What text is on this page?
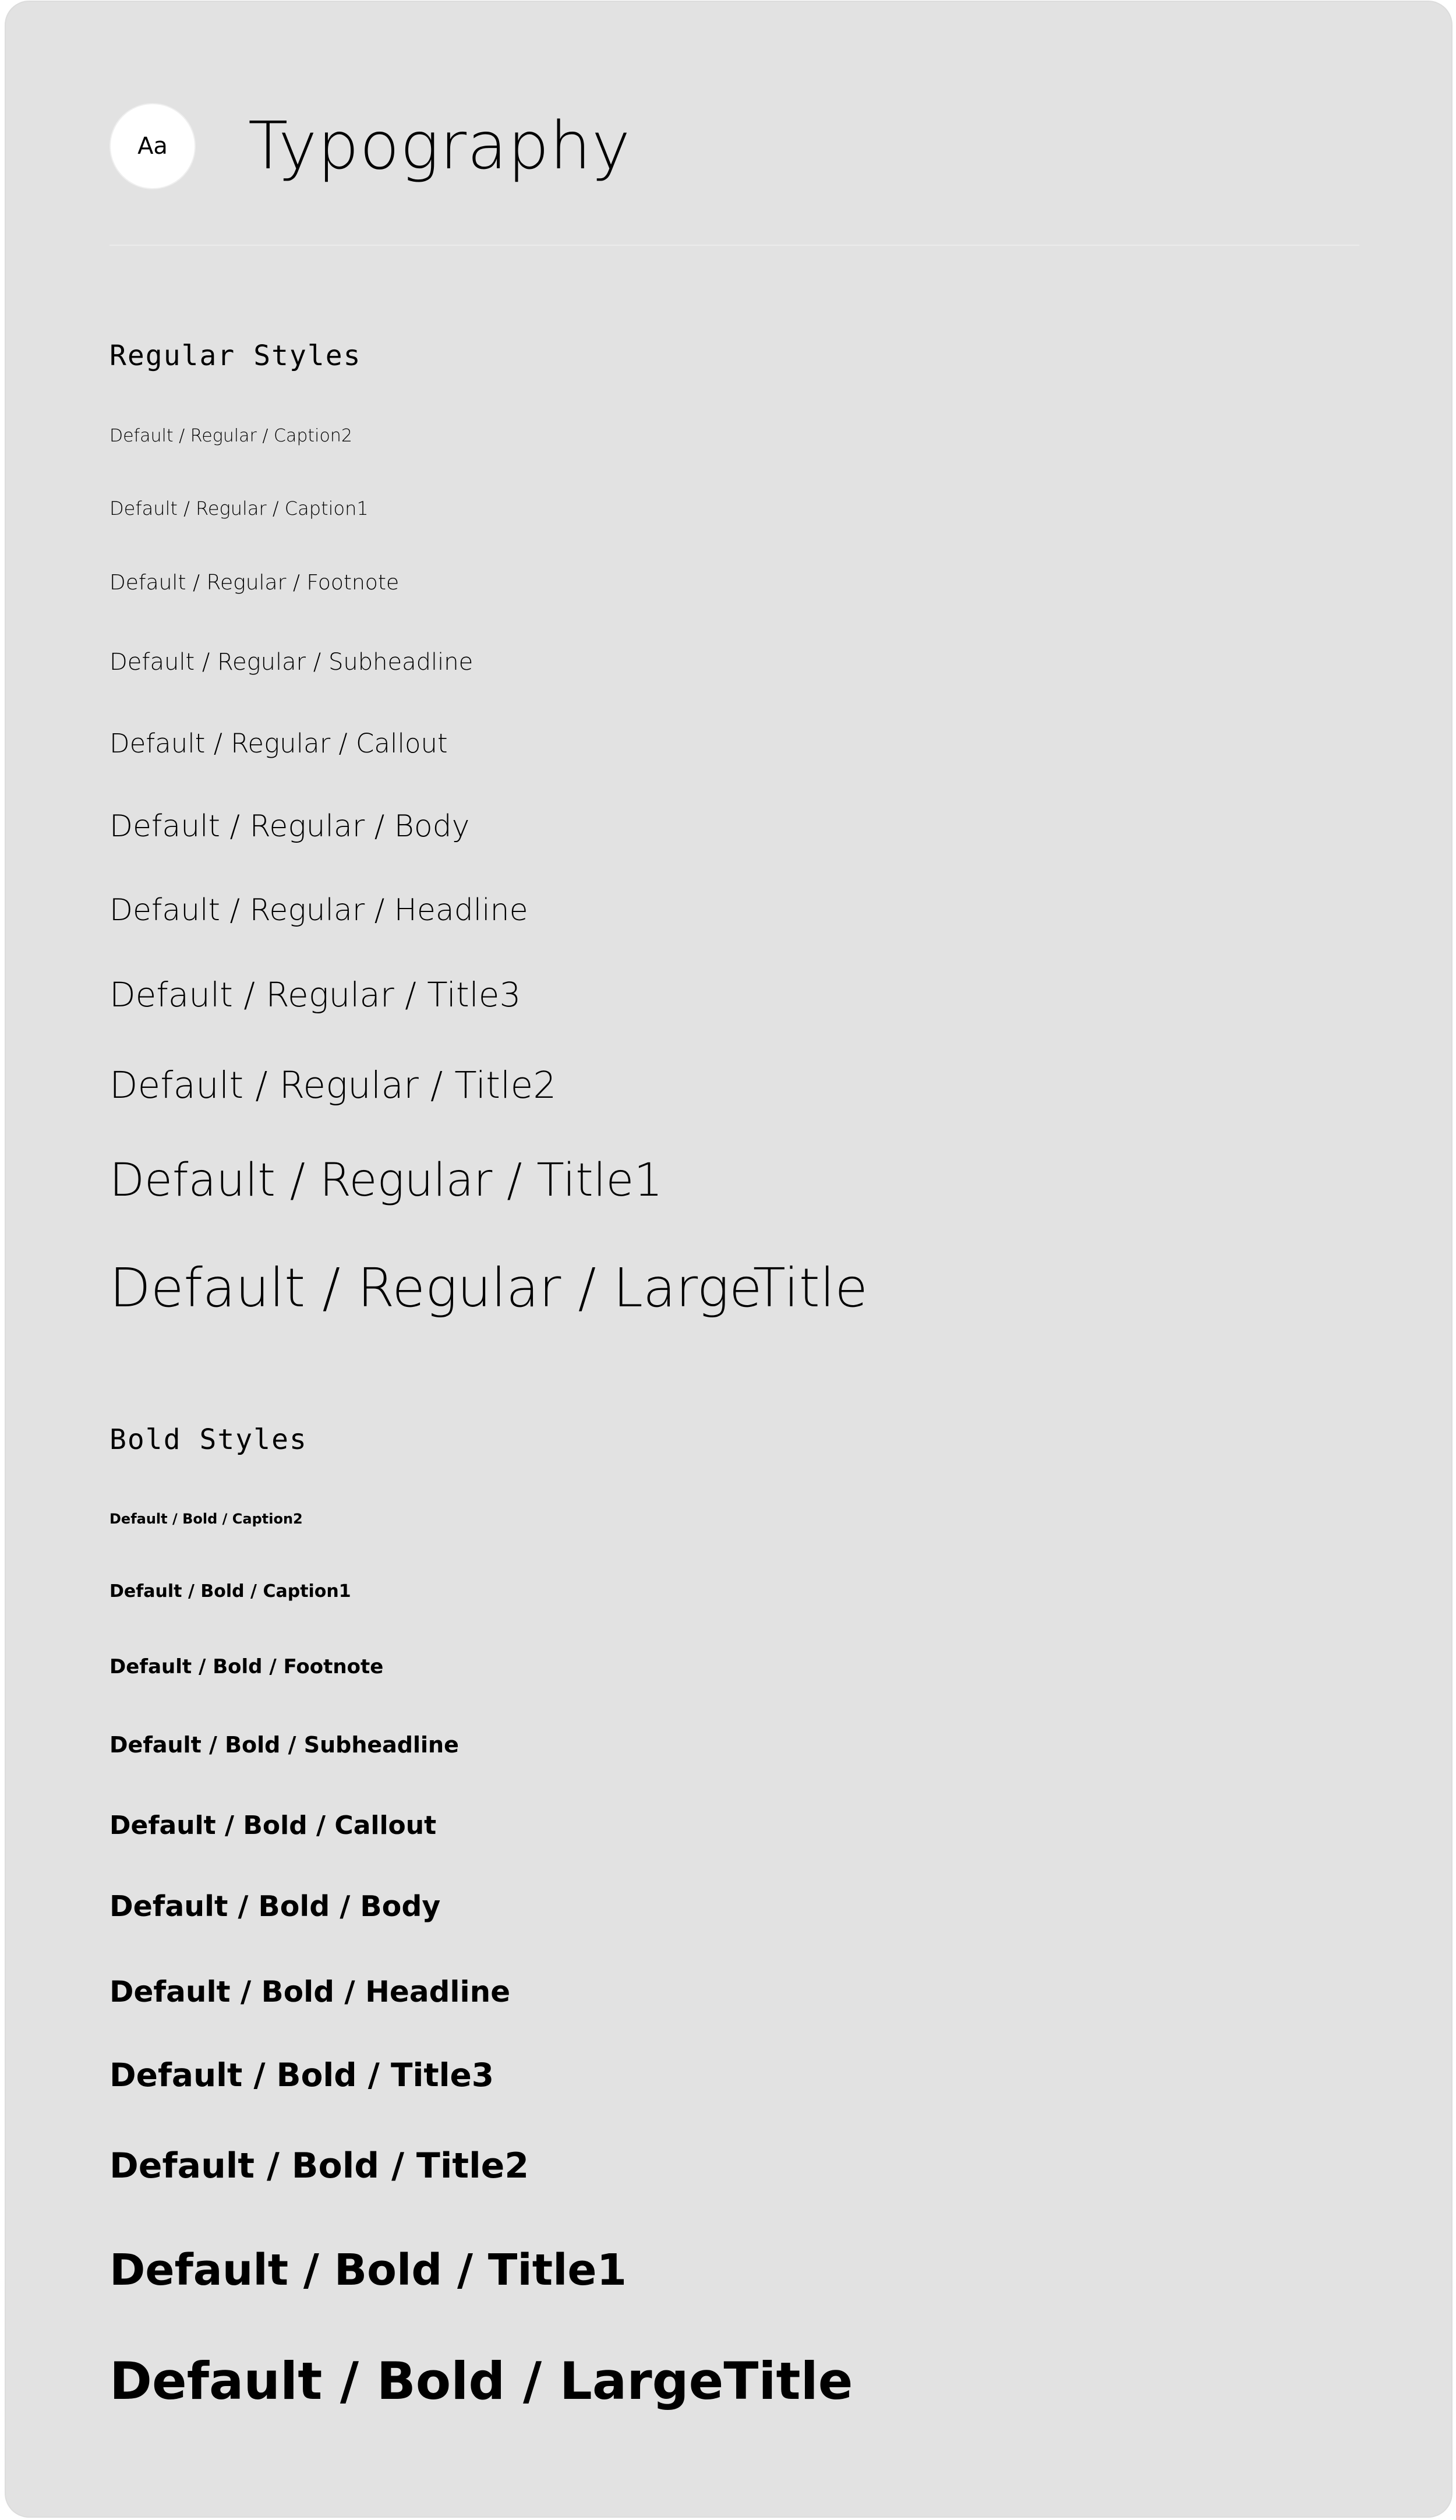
Aa Typography
Regular Styles
Default / Regular / Caption2
Default / Regular / Caption1
Default / Regular / Footnote
Default / Regular / Subheadline
Default / Regular / Callout
Default / Regular / Body
Default / Regular / Headline
Default / Regular / Title3
Default / Regular / Title2
Default / Regular / Title1
Default / Regular / LargeTitle
Bold Styles
Default / Bold / Caption2
Default / Bold / Caption1
Default / Bold / Footnote
Default / Bold / Subheadline
Default / Bold / Callout
Default / Bold / Body
Default / Bold / Headline
Default / Bold / Title3
Default / Bold / Title2
Default / Bold / Title1
Default / Bold / LargeTitle
